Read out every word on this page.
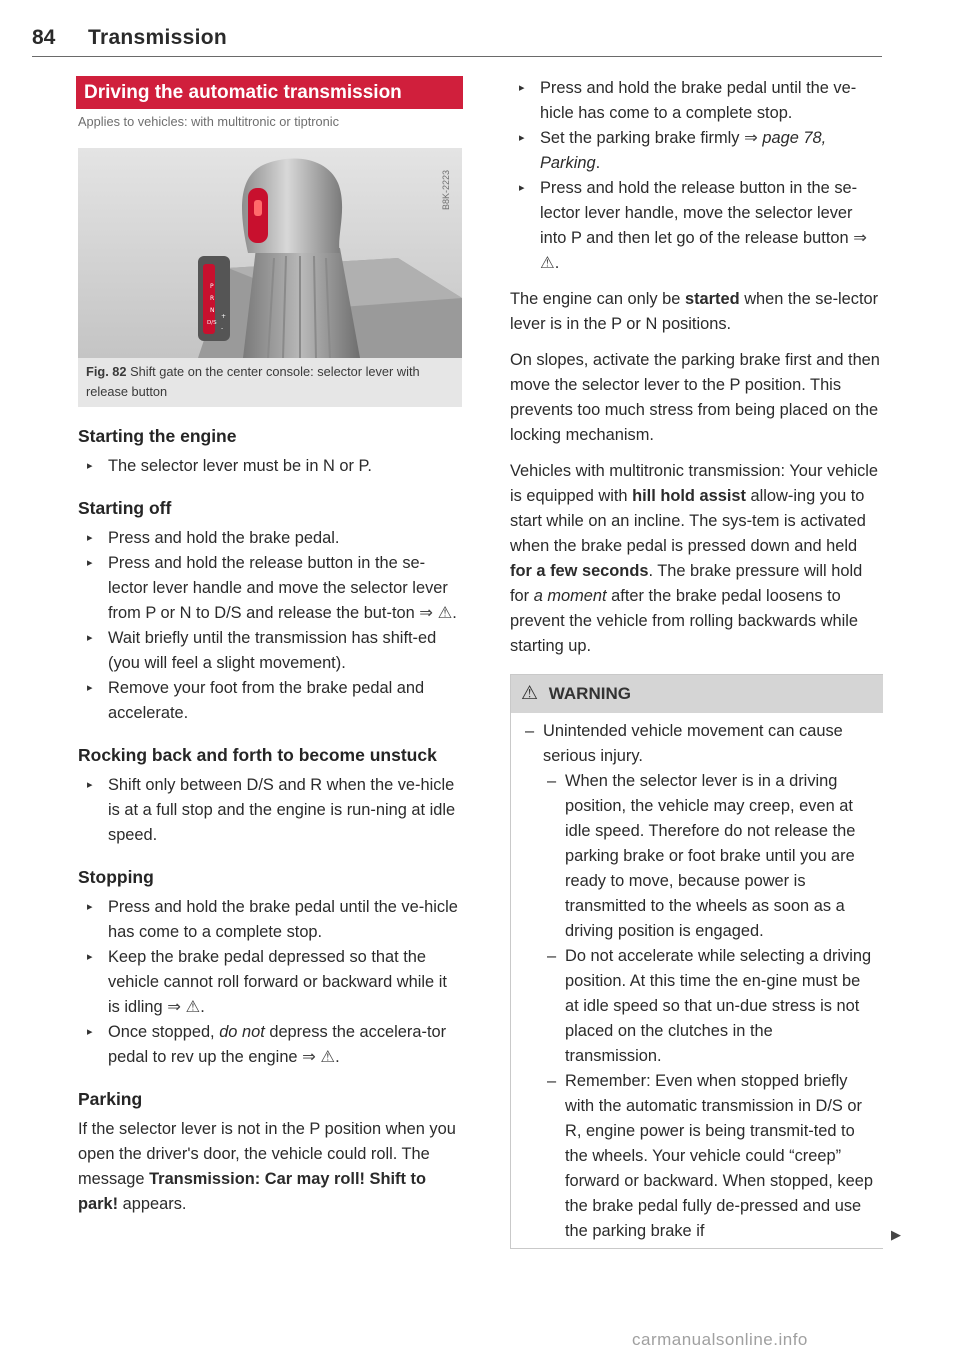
84 Transmission
Driving the automatic transmission
Applies to vehicles: with multitronic or tiptronic
P
R
N
D/S
+
-
B8K-2223
Fig. 82 Shift gate on the center console: selector lever with release button
Starting the engine
▸ The selector lever must be in N or P.
Starting off
▸ Press and hold the brake pedal.
▸ Press and hold the release button in the se-lector lever handle and move the selector lever from P or N to D/S and release the but-ton ⇒ ⚠.
▸ Wait briefly until the transmission has shift-ed (you will feel a slight movement).
▸ Remove your foot from the brake pedal and accelerate.
Rocking back and forth to become unstuck
▸ Shift only between D/S and R when the ve-hicle is at a full stop and the engine is run-ning at idle speed.
Stopping
▸ Press and hold the brake pedal until the ve-hicle has come to a complete stop.
▸ Keep the brake pedal depressed so that the vehicle cannot roll forward or backward while it is idling ⇒ ⚠.
▸ Once stopped, do not depress the accelera-tor pedal to rev up the engine ⇒ ⚠.
Parking

If the selector lever is not in the P position when you open the driver's door, the vehicle could roll. The message Transmission: Car may roll! Shift to park! appears.

▸ Press and hold the brake pedal until the ve-hicle has come to a complete stop.
▸ Set the parking brake firmly ⇒ page 78, Parking.
▸ Press and hold the release button in the se-lector lever handle, move the selector lever into P and then let go of the release button ⇒ ⚠.

The engine can only be started when the se-lector lever is in the P or N positions.

On slopes, activate the parking brake first and then move the selector lever to the P position. This prevents too much stress from being placed on the locking mechanism.

Vehicles with multitronic transmission: Your vehicle is equipped with hill hold assist allow-ing you to start while on an incline. The sys-tem is activated when the brake pedal is pressed down and held for a few seconds. The brake pressure will hold for a moment after the brake pedal loosens to prevent the vehicle from rolling backwards while starting up.

⚠ WARNING
– Unintended vehicle movement can cause serious injury.
– When the selector lever is in a driving position, the vehicle may creep, even at idle speed. Therefore do not release the parking brake or foot brake until you are ready to move, because power is transmitted to the wheels as soon as a driving position is engaged.
– Do not accelerate while selecting a driving position. At this time the en-gine must be at idle speed so that un-due stress is not placed on the clutches in the transmission.
– Remember: Even when stopped briefly with the automatic transmission in D/S or R, engine power is being transmit-ted to the wheels. Your vehicle could “creep” forward or backward. When stopped, keep the brake pedal fully de-pressed and use the parking brake if	▶
carmanualsonline.info
